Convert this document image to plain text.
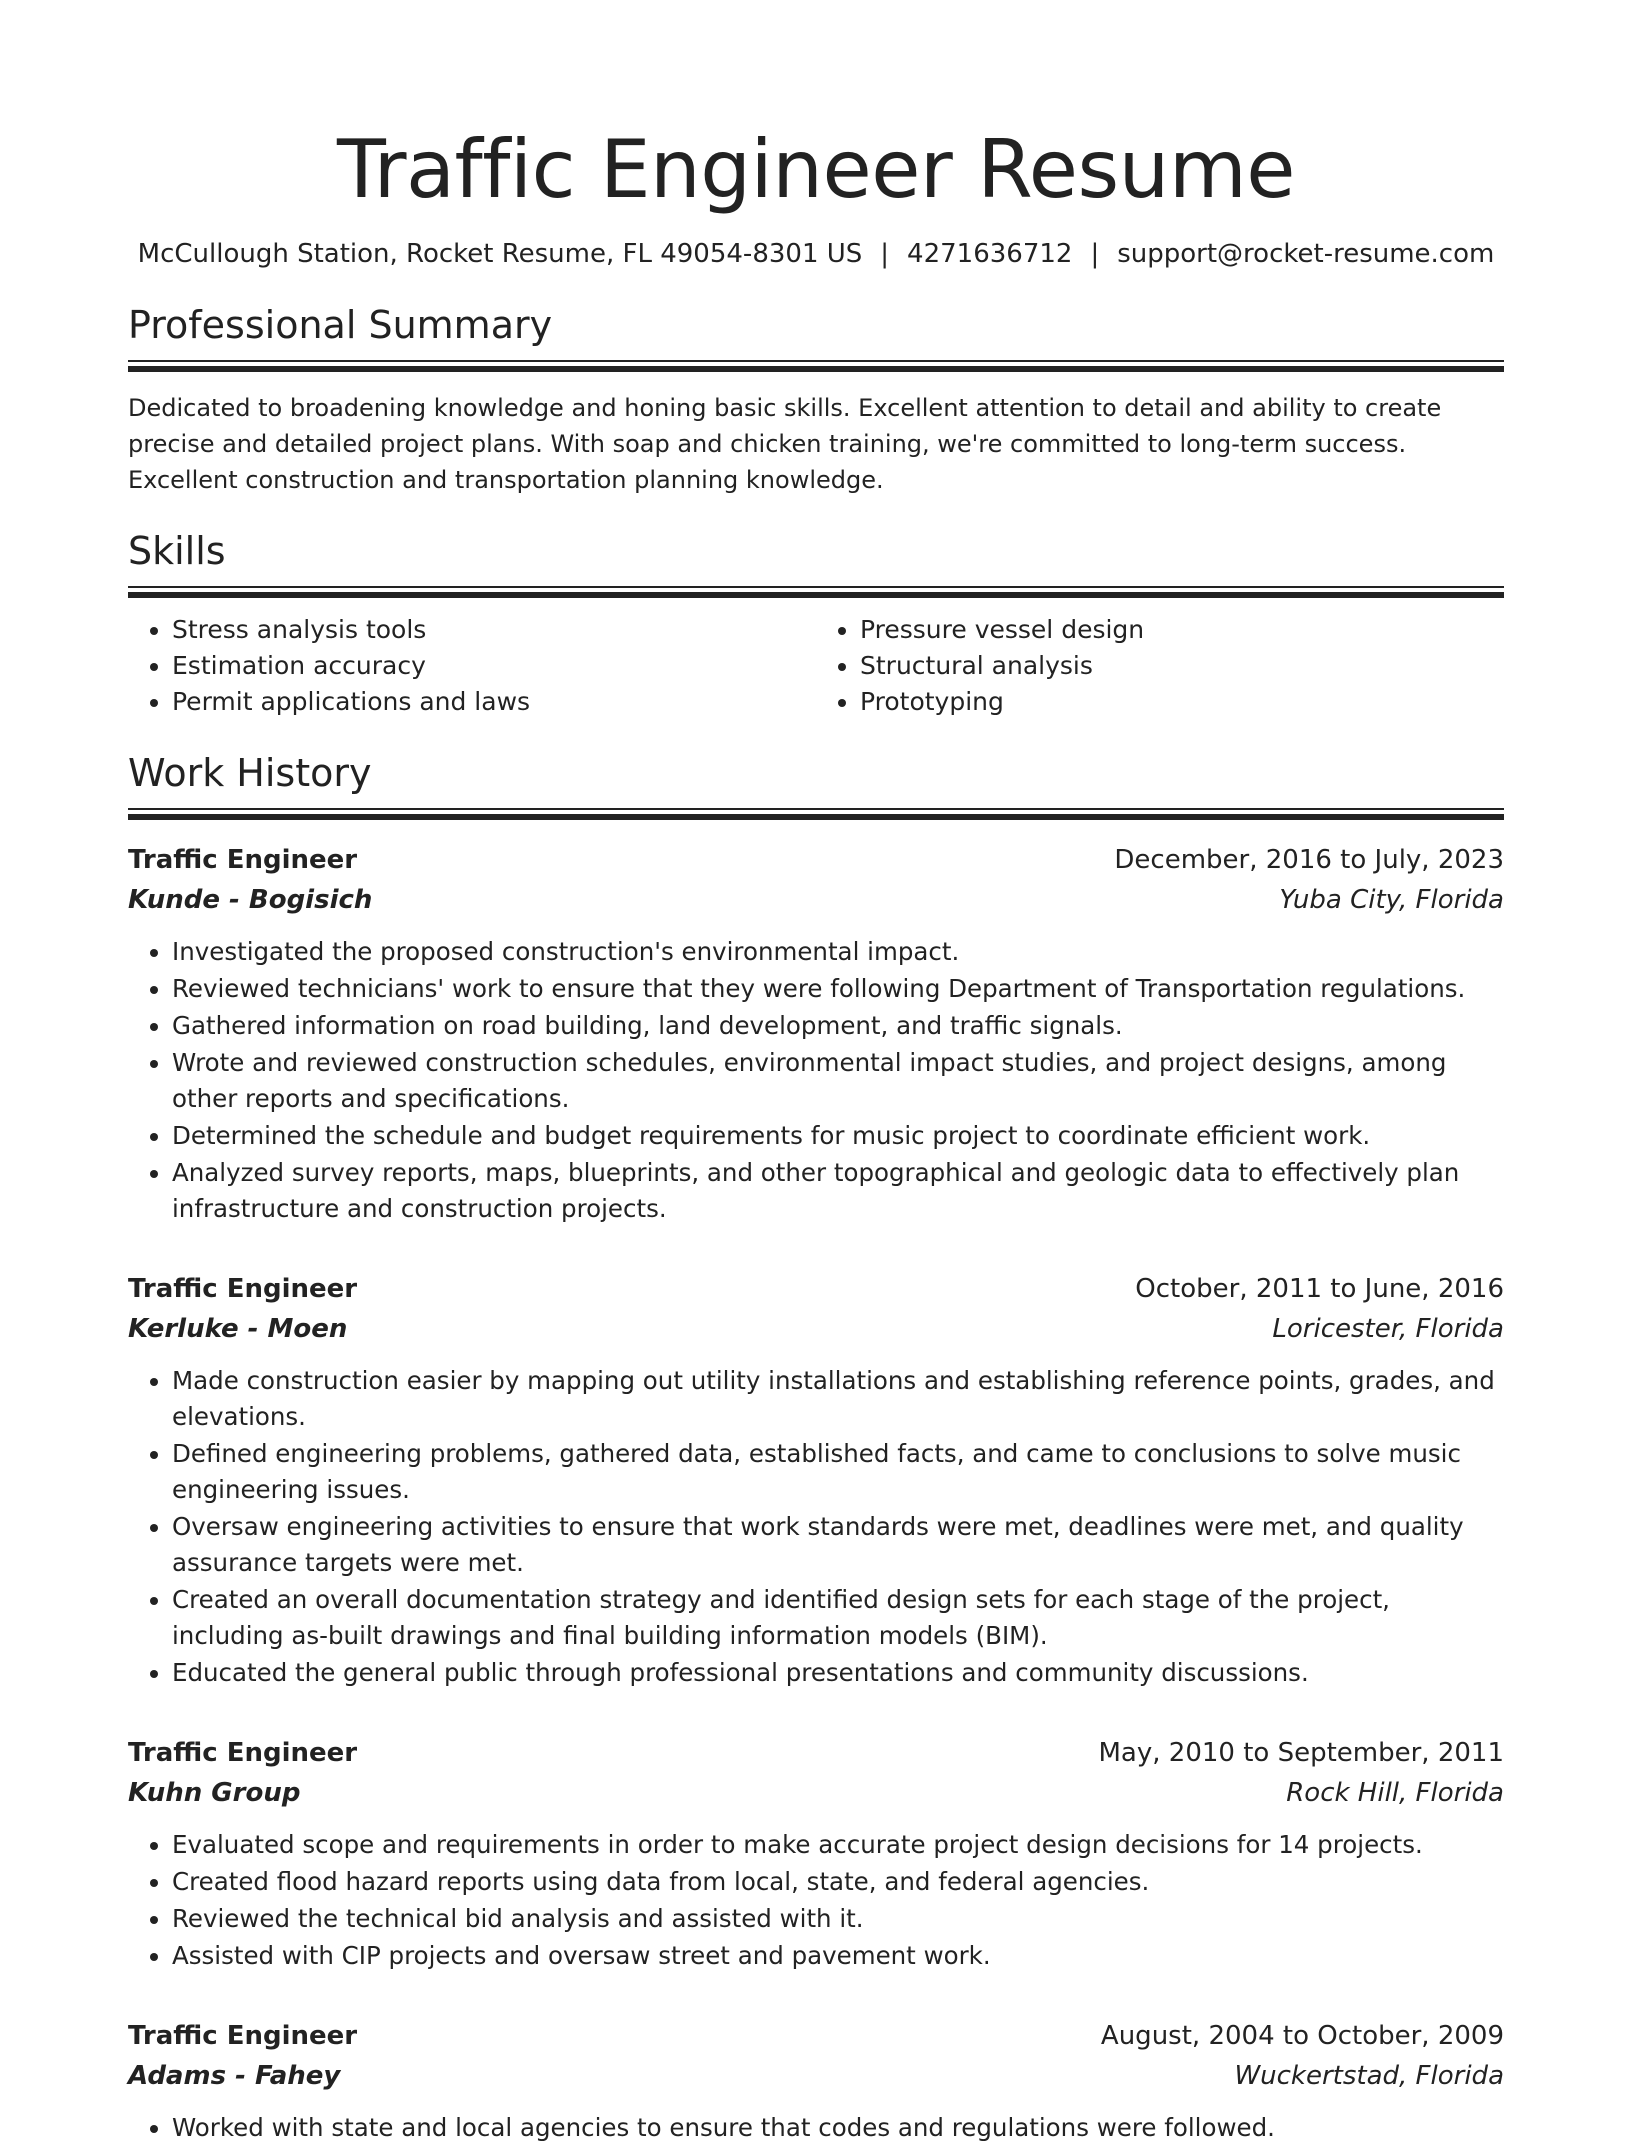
Traffic Engineer Resume
McCullough Station, Rocket Resume, FL 49054-8301 US | 4271636712 | support@rocket-resume.com
Professional Summary

Dedicated to broadening knowledge and honing basic skills. Excellent attention to detail and ability to create precise and detailed project plans. With soap and chicken training, we're committed to long-term success. Excellent construction and transportation planning knowledge.

Skills
• Stress analysis tools
• Estimation accuracy
• Permit applications and laws
• Pressure vessel design
• Structural analysis
• Prototyping
Work History
Traffic Engineer	December, 2016 to July, 2023
Kunde - Bogisich	Yuba City, Florida
• Investigated the proposed construction's environmental impact.
• Reviewed technicians' work to ensure that they were following Department of Transportation regulations.
• Gathered information on road building, land development, and traffic signals.
• Wrote and reviewed construction schedules, environmental impact studies, and project designs, among other reports and specifications.
• Determined the schedule and budget requirements for music project to coordinate efficient work.
• Analyzed survey reports, maps, blueprints, and other topographical and geologic data to effectively plan infrastructure and construction projects.
Traffic Engineer	October, 2011 to June, 2016
Kerluke - Moen	Loricester, Florida
• Made construction easier by mapping out utility installations and establishing reference points, grades, and elevations.
• Defined engineering problems, gathered data, established facts, and came to conclusions to solve music engineering issues.
• Oversaw engineering activities to ensure that work standards were met, deadlines were met, and quality assurance targets were met.
• Created an overall documentation strategy and identified design sets for each stage of the project, including as-built drawings and final building information models (BIM).
• Educated the general public through professional presentations and community discussions.
Traffic Engineer	May, 2010 to September, 2011
Kuhn Group	Rock Hill, Florida
• Evaluated scope and requirements in order to make accurate project design decisions for 14 projects.
• Created flood hazard reports using data from local, state, and federal agencies.
• Reviewed the technical bid analysis and assisted with it.
• Assisted with CIP projects and oversaw street and pavement work.
Traffic Engineer	August, 2004 to October, 2009
Adams - Fahey	Wuckertstad, Florida
• Worked with state and local agencies to ensure that codes and regulations were followed.
